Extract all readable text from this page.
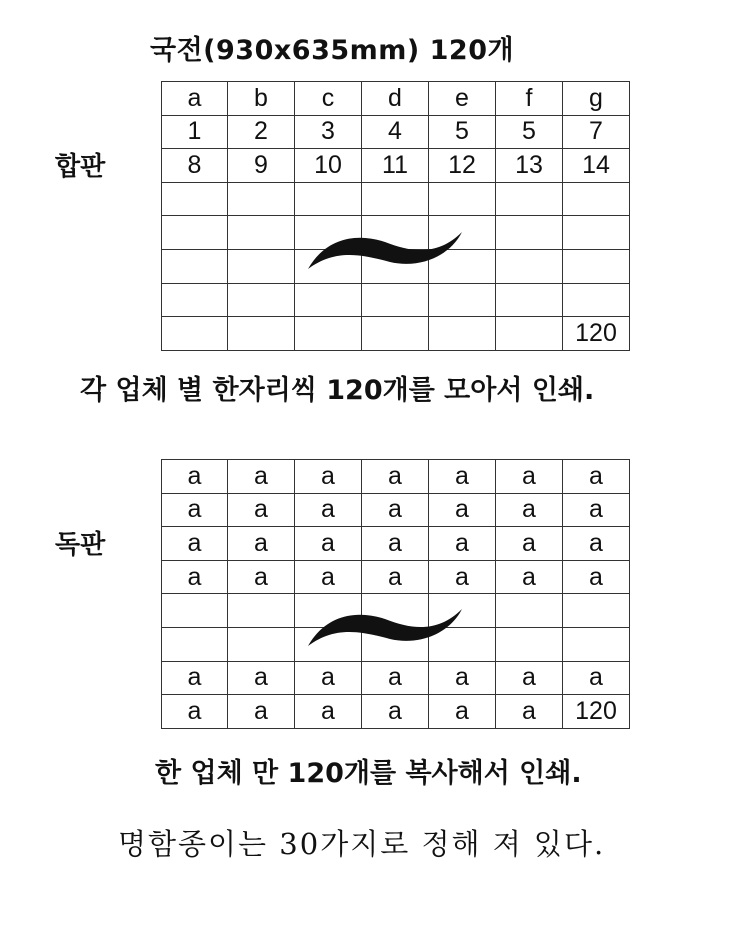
국전(930x635mm) 120개
합판
a	b	c	d	e	f	g
1	2	3	4	5	5	7
8	9	10	11	12	13	14

						120
각 업체 별 한자리씩 120개를 모아서 인쇄.
독판
a	a	a	a	a	a	a
a	a	a	a	a	a	a
a	a	a	a	a	a	a
a	a	a	a	a	a	a

a	a	a	a	a	a	a
a	a	a	a	a	a	120
한 업체 만 120개를 복사해서 인쇄.
명함종이는 30가지로 정해 져 있다.
